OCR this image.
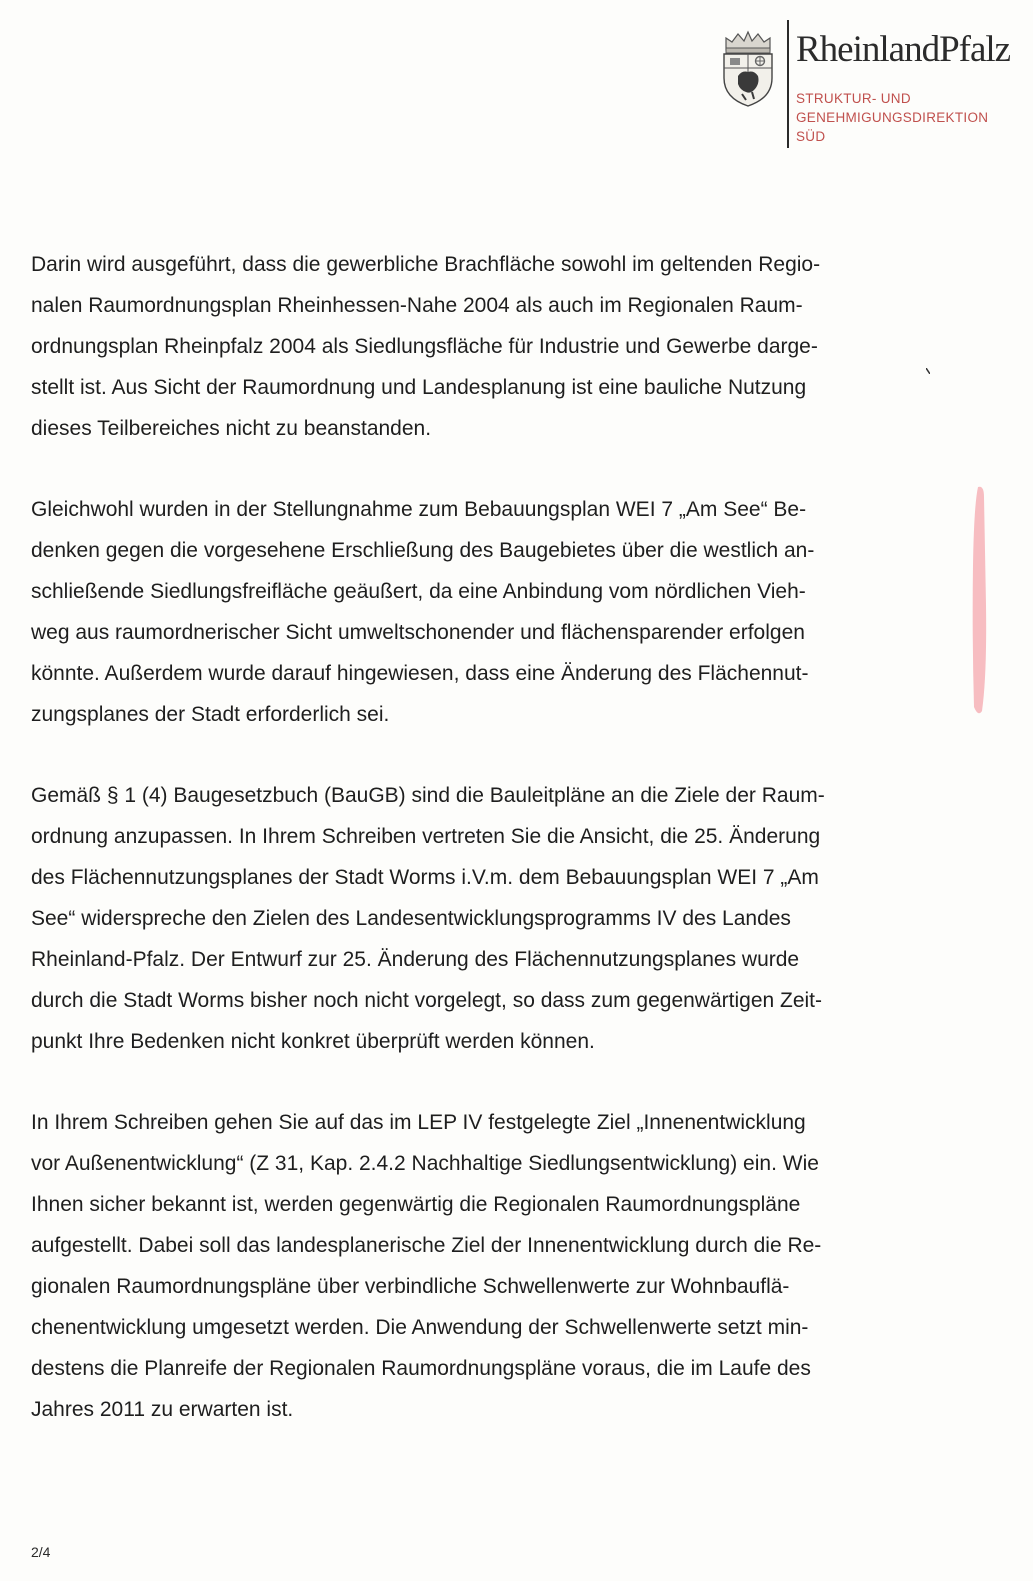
RheinlandPfalz
STRUKTUR- UND
GENEHMIGUNGSDIREKTION
SÜD

Darin wird ausgeführt, dass die gewerbliche Brachfläche sowohl im geltenden Regio-
nalen Raumordnungsplan Rheinhessen-Nahe 2004 als auch im Regionalen Raum-
ordnungsplan Rheinpfalz 2004 als Siedlungsfläche für Industrie und Gewerbe darge-
stellt ist. Aus Sicht der Raumordnung und Landesplanung ist eine bauliche Nutzung
dieses Teilbereiches nicht zu beanstanden.

Gleichwohl wurden in der Stellungnahme zum Bebauungsplan WEI 7 „Am See“ Be-
denken gegen die vorgesehene Erschließung des Baugebietes über die westlich an-
schließende Siedlungsfreifläche geäußert, da eine Anbindung vom nördlichen Vieh-
weg aus raumordnerischer Sicht umweltschonender und flächensparender erfolgen
könnte. Außerdem wurde darauf hingewiesen, dass eine Änderung des Flächennut-
zungsplanes der Stadt erforderlich sei.

Gemäß § 1 (4) Baugesetzbuch (BauGB) sind die Bauleitpläne an die Ziele der Raum-
ordnung anzupassen. In Ihrem Schreiben vertreten Sie die Ansicht, die 25. Änderung
des Flächennutzungsplanes der Stadt Worms i.V.m. dem Bebauungsplan WEI 7 „Am
See“ widerspreche den Zielen des Landesentwicklungsprogramms IV des Landes
Rheinland-Pfalz. Der Entwurf zur 25. Änderung des Flächennutzungsplanes wurde
durch die Stadt Worms bisher noch nicht vorgelegt, so dass zum gegenwärtigen Zeit-
punkt Ihre Bedenken nicht konkret überprüft werden können.

In Ihrem Schreiben gehen Sie auf das im LEP IV festgelegte Ziel „Innenentwicklung
vor Außenentwicklung“ (Z 31, Kap. 2.4.2 Nachhaltige Siedlungsentwicklung) ein. Wie
Ihnen sicher bekannt ist, werden gegenwärtig die Regionalen Raumordnungspläne
aufgestellt. Dabei soll das landesplanerische Ziel der Innenentwicklung durch die Re-
gionalen Raumordnungspläne über verbindliche Schwellenwerte zur Wohnbauflä-
chenentwicklung umgesetzt werden. Die Anwendung der Schwellenwerte setzt min-
destens die Planreife der Regionalen Raumordnungspläne voraus, die im Laufe des
Jahres 2011 zu erwarten ist.

2/4
